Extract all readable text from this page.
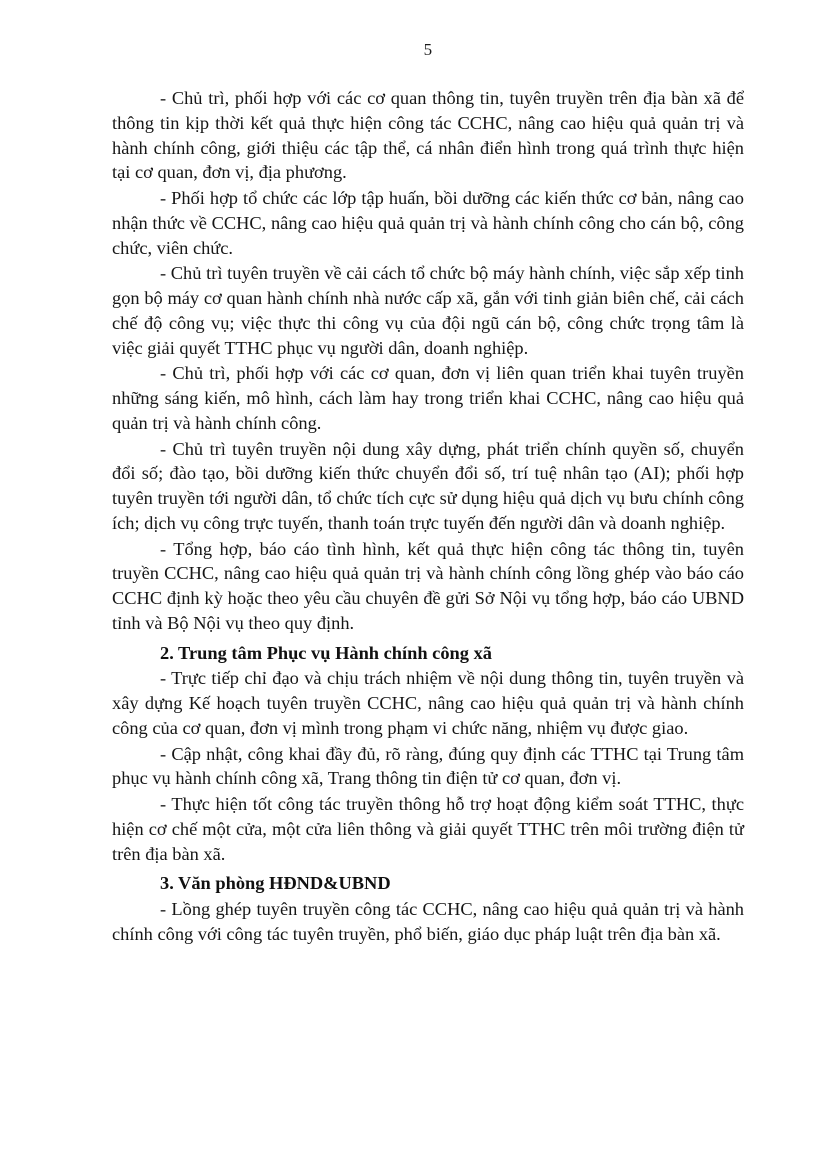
5

- Chủ trì, phối hợp với các cơ quan thông tin, tuyên truyền trên địa bàn xã để thông tin kịp thời kết quả thực hiện công tác CCHC, nâng cao hiệu quả quản trị và hành chính công, giới thiệu các tập thể, cá nhân điển hình trong quá trình thực hiện tại cơ quan, đơn vị, địa phương.

- Phối hợp tổ chức các lớp tập huấn, bồi dưỡng các kiến thức cơ bản, nâng cao nhận thức về CCHC, nâng cao hiệu quả quản trị và hành chính công cho cán bộ, công chức, viên chức.

- Chủ trì tuyên truyền về cải cách tổ chức bộ máy hành chính, việc sắp xếp tinh gọn bộ máy cơ quan hành chính nhà nước cấp xã, gắn với tinh giản biên chế, cải cách chế độ công vụ; việc thực thi công vụ của đội ngũ cán bộ, công chức trọng tâm là việc giải quyết TTHC phục vụ người dân, doanh nghiệp.

- Chủ trì, phối hợp với các cơ quan, đơn vị liên quan triển khai tuyên truyền những sáng kiến, mô hình, cách làm hay trong triển khai CCHC, nâng cao hiệu quả quản trị và hành chính công.

- Chủ trì tuyên truyền nội dung xây dựng, phát triển chính quyền số, chuyển đổi số; đào tạo, bồi dưỡng kiến thức chuyển đổi số, trí tuệ nhân tạo (AI); phối hợp tuyên truyền tới người dân, tổ chức tích cực sử dụng hiệu quả dịch vụ bưu chính công ích; dịch vụ công trực tuyến, thanh toán trực tuyến đến người dân và doanh nghiệp.

- Tổng hợp, báo cáo tình hình, kết quả thực hiện công tác thông tin, tuyên truyền CCHC, nâng cao hiệu quả quản trị và hành chính công lồng ghép vào báo cáo CCHC định kỳ hoặc theo yêu cầu chuyên đề gửi Sở Nội vụ tổng hợp, báo cáo UBND tỉnh và Bộ Nội vụ theo quy định.

2. Trung tâm Phục vụ Hành chính công xã

- Trực tiếp chỉ đạo và chịu trách nhiệm về nội dung thông tin, tuyên truyền và xây dựng Kế hoạch tuyên truyền CCHC, nâng cao hiệu quả quản trị và hành chính công của cơ quan, đơn vị mình trong phạm vi chức năng, nhiệm vụ được giao.

- Cập nhật, công khai đầy đủ, rõ ràng, đúng quy định các TTHC tại Trung tâm phục vụ hành chính công xã, Trang thông tin điện tử cơ quan, đơn vị.

- Thực hiện tốt công tác truyền thông hỗ trợ hoạt động kiểm soát TTHC, thực hiện cơ chế một cửa, một cửa liên thông và giải quyết TTHC trên môi trường điện tử trên địa bàn xã.

3. Văn phòng HĐND&UBND

- Lồng ghép tuyên truyền công tác CCHC, nâng cao hiệu quả quản trị và hành chính công với công tác tuyên truyền, phổ biến, giáo dục pháp luật trên địa bàn xã.
